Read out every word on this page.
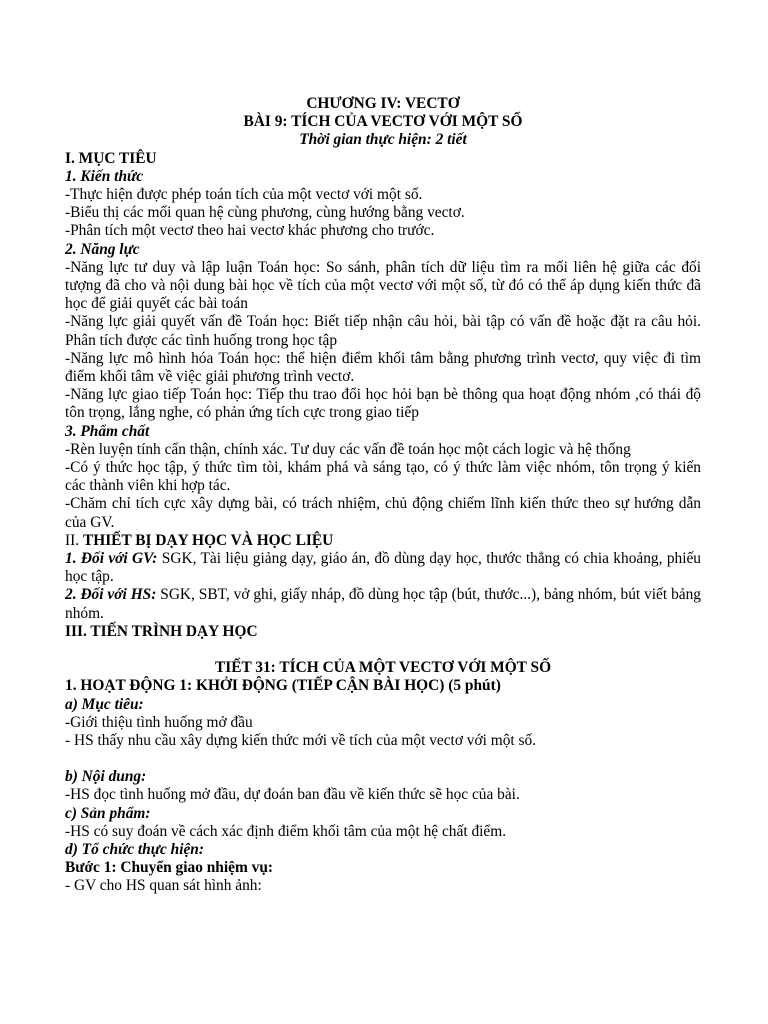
CHƯƠNG IV: VECTƠ

BÀI 9: TÍCH CỦA VECTƠ VỚI MỘT SỐ

Thời gian thực hiện: 2 tiết

I. MỤC TIÊU

1. Kiến thức

-Thực hiện được phép toán tích của một vectơ với một số.

-Biểu thị các mối quan hệ cùng phương, cùng hướng bằng vectơ.

-Phân tích một vectơ theo hai vectơ khác phương cho trước.

2. Năng lực

-Năng lực tư duy và lập luận Toán học: So sánh, phân tích dữ liệu tìm ra mối liên hệ giữa các đối tượng đã cho và nội dung bài học về tích của một vectơ với một số, từ đó có thể áp dụng kiến thức đã học để giải quyết các bài toán

-Năng lực giải quyết vấn đề Toán học: Biết tiếp nhận câu hỏi, bài tập có vấn đề hoặc đặt ra câu hỏi. Phân tích được các tình huống trong học tập

-Năng lực mô hình hóa Toán học: thể hiện điểm khối tâm bằng phương trình vectơ, quy việc đi tìm điểm khối tâm về việc giải phương trình vectơ.

-Năng lực giao tiếp Toán học: Tiếp thu trao đổi học hỏi bạn bè thông qua hoạt động nhóm ,có thái độ tôn trọng, lắng nghe, có phản ứng tích cực trong giao tiếp

3. Phẩm chất

-Rèn luyện tính cẩn thận, chính xác. Tư duy các vấn đề toán học một cách logic và hệ thống

-Có ý thức học tập, ý thức tìm tòi, khám phá và sáng tạo, có ý thức làm việc nhóm, tôn trọng ý kiến các thành viên khi hợp tác.

-Chăm chỉ tích cực xây dựng bài, có trách nhiệm, chủ động chiếm lĩnh kiến thức theo sự hướng dẫn của GV.

II. THIẾT BỊ DẠY HỌC VÀ HỌC LIỆU

1. Đối với GV: SGK, Tài liệu giảng dạy, giáo án, đồ dùng dạy học, thước thẳng có chia khoảng, phiếu học tập.

2. Đối với HS: SGK, SBT, vở ghi, giấy nháp, đồ dùng học tập (bút, thước...), bảng nhóm, bút viết bảng nhóm.

III. TIẾN TRÌNH DẠY HỌC

TIẾT 31: TÍCH CỦA MỘT VECTƠ VỚI MỘT SỐ

1. HOẠT ĐỘNG 1: KHỞI ĐỘNG (TIẾP CẬN BÀI HỌC) (5 phút)

a) Mục tiêu:

-Giới thiệu tình huống mở đầu

- HS thấy nhu cầu xây dựng kiến thức mới về tích của một vectơ với một số.

b) Nội dung:

-HS đọc tình huống mở đầu, dự đoán ban đầu về kiến thức sẽ học của bài.

c) Sản phẩm:

-HS có suy đoán về cách xác định điểm khối tâm của một hệ chất điểm.

d) Tổ chức thực hiện:

Bước 1: Chuyển giao nhiệm vụ:

- GV cho HS quan sát hình ảnh:
